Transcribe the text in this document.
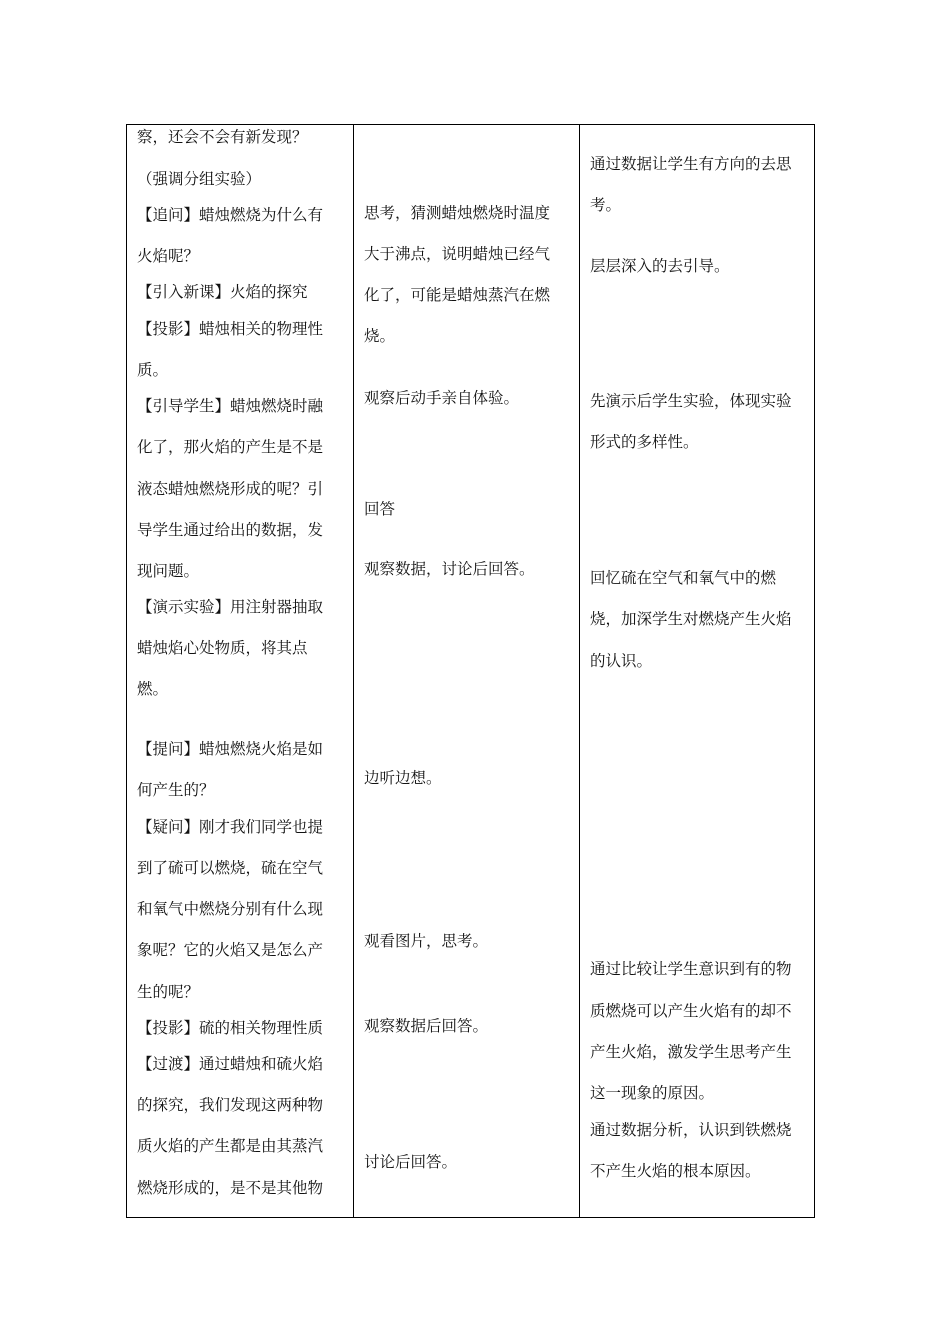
察，还会不会有新发现？
（强调分组实验）
【追问】蜡烛燃烧为什么有
火焰呢？
【引入新课】火焰的探究
【投影】蜡烛相关的物理性
质。
【引导学生】蜡烛燃烧时融
化了，那火焰的产生是不是
液态蜡烛燃烧形成的呢？引
导学生通过给出的数据，发
现问题。
【演示实验】用注射器抽取
蜡烛焰心处物质，将其点
燃。
【提问】蜡烛燃烧火焰是如
何产生的？
【疑问】刚才我们同学也提
到了硫可以燃烧，硫在空气
和氧气中燃烧分别有什么现
象呢？它的火焰又是怎么产
生的呢？
【投影】硫的相关物理性质
【过渡】通过蜡烛和硫火焰
的探究，我们发现这两种物
质火焰的产生都是由其蒸汽
燃烧形成的，是不是其他物
思考，猜测蜡烛燃烧时温度
大于沸点，说明蜡烛已经气
化了，可能是蜡烛蒸汽在燃
烧。
观察后动手亲自体验。
回答
观察数据，讨论后回答。
边听边想。
观看图片，思考。
观察数据后回答。
讨论后回答。
通过数据让学生有方向的去思
考。
层层深入的去引导。
先演示后学生实验，体现实验
形式的多样性。
回忆硫在空气和氧气中的燃
烧，加深学生对燃烧产生火焰
的认识。
通过比较让学生意识到有的物
质燃烧可以产生火焰有的却不
产生火焰，激发学生思考产生
这一现象的原因。
通过数据分析，认识到铁燃烧
不产生火焰的根本原因。
